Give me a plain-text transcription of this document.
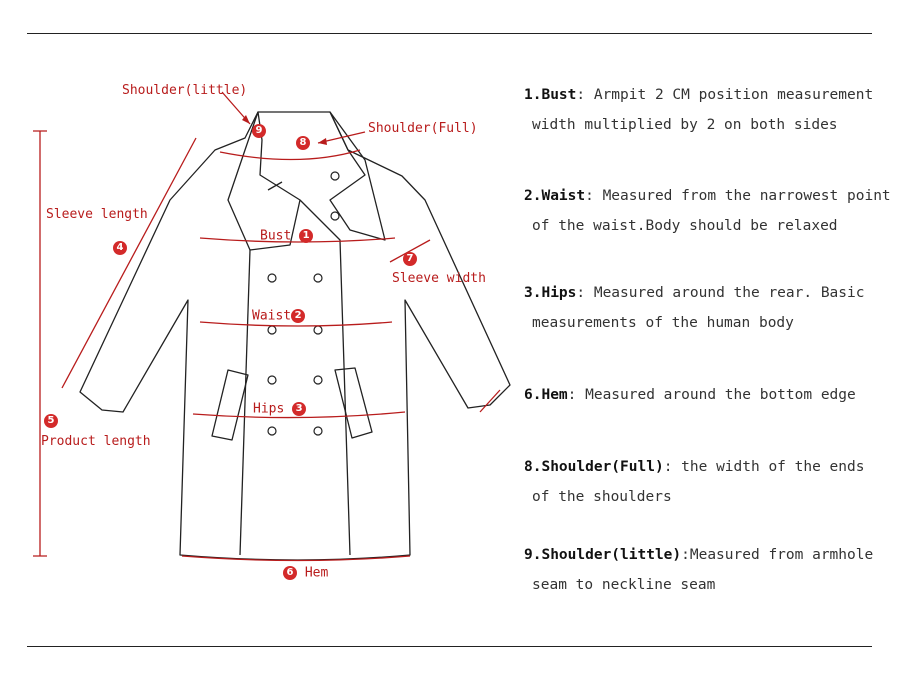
Shoulder(little)
9
8
Shoulder(Full)
Sleeve length
4
Bust 1
7
Sleeve width
Waist 2
Hips 3
5
Product length
6 Hem
1.Bust: Armpit 2 CM position measurement
width multiplied by 2 on both sides
2.Waist: Measured from the narrowest point
of the waist.Body should be relaxed
3.Hips: Measured around the rear. Basic
measurements of the human body
6.Hem: Measured around the bottom edge
8.Shoulder(Full): the width of the ends
of the shoulders
9.Shoulder(little):Measured from armhole
seam to neckline seam
